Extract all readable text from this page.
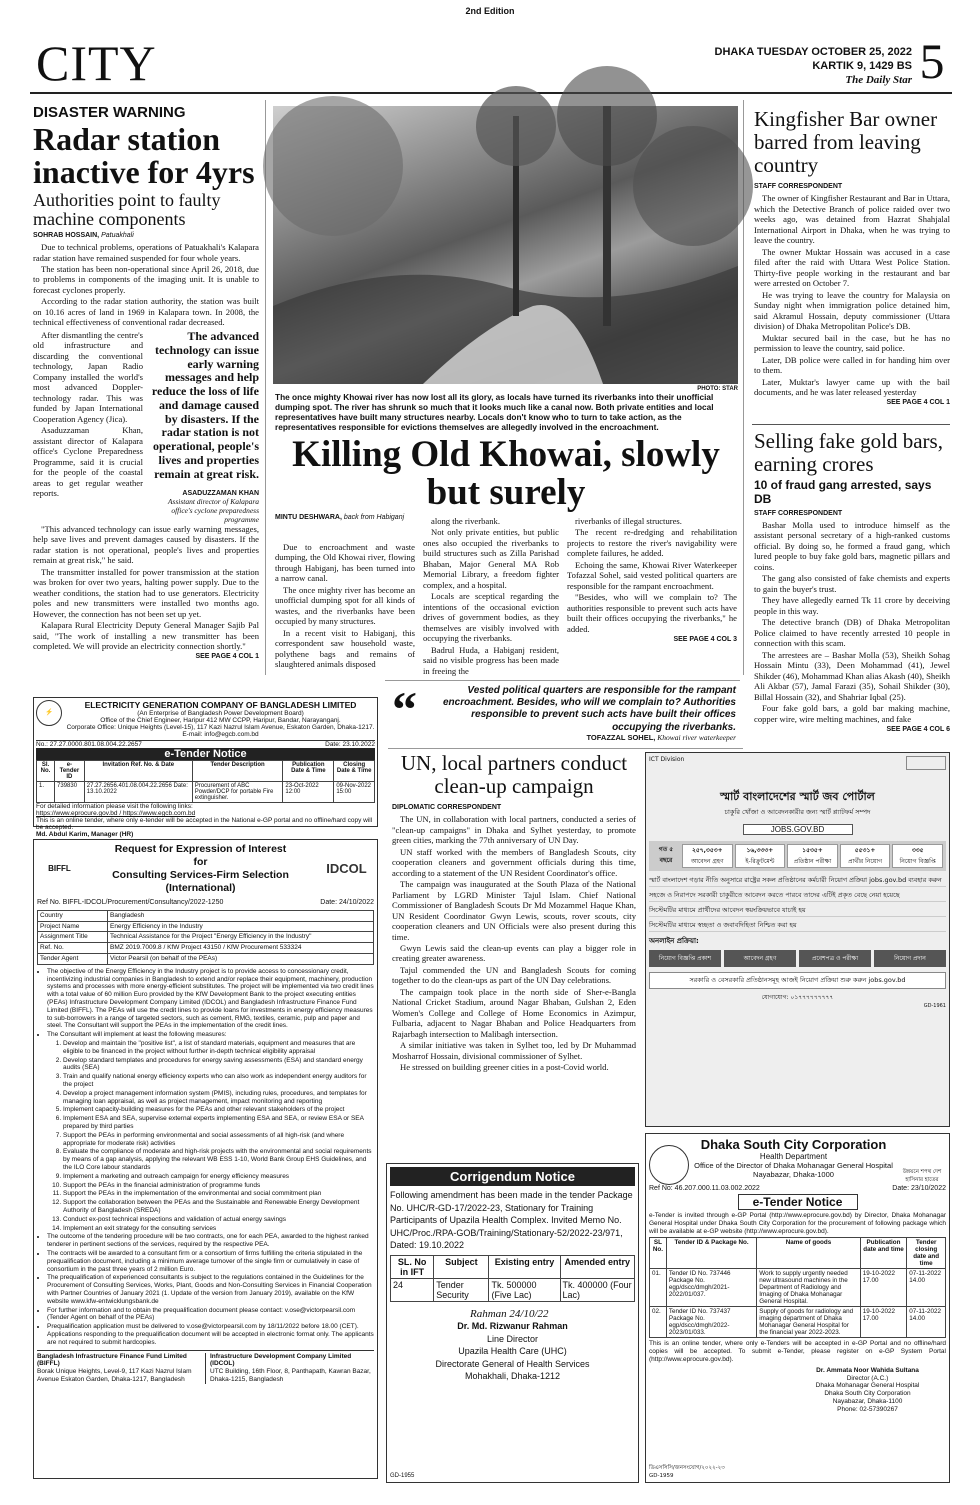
2nd Edition
CITY	DHAKA TUESDAY OCTOBER 25, 2022
KARTIK 9, 1429 BS
The Daily Star 5
DISASTER WARNING
Radar station inactive for 4yrs
Authorities point to faulty machine components
SOHRAB HOSSAIN, Patuakhali

Due to technical problems, operations of Patuakhali's Kalapara radar station have remained suspended for four whole years.

The station has been non-operational since April 26, 2018, due to problems in components of the imaging unit. It is unable to forecast cyclones properly.

According to the radar station authority, the station was built on 10.16 acres of land in 1969 in Kalapara town. In 2008, the technical effectiveness of conventional radar decreased.

After dismantling the centre's old infrastructure and discarding the conventional technology, Japan Radio Company installed the world's most advanced Doppler-technology radar. This was funded by Japan International Cooperation Agency (Jica).

Asaduzzaman Khan, assistant director of Kalapara office's Cyclone Preparedness Programme, said it is crucial for the people of the coastal areas to get regular weather reports.

The advanced technology can issue early warning messages and help reduce the loss of life and damage caused by disasters. If the radar station is not operational, people's lives and properties remain at great risk.
ASADUZZAMAN KHAN
Assistant director of Kalapara office's cyclone preparedness programme

"This advanced technology can issue early warning messages, help save lives and prevent damages caused by disasters. If the radar station is not operational, people's lives and properties remain at great risk," he said.

The transmitter installed for power transmission at the station was broken for over two years, halting power supply. Due to the weather conditions, the station had to use generators. Electricity poles and new transmitters were installed two months ago. However, the connection has not been set up yet.

Kalapara Rural Electricity Deputy General Manager Sajib Pal said, "The work of installing a new transmitter has been completed. We will provide an electricity connection shortly."

SEE PAGE 4 COL 1
PHOTO: STAR
The once mighty Khowai river has now lost all its glory, as locals have turned its riverbanks into their unofficial dumping spot. The river has shrunk so much that it looks much like a canal now. Both private entities and local representatives have built many structures nearby. Locals don't know who to turn to take action, as the representatives responsible for evictions themselves are allegedly involved in the encroachment.
Killing Old Khowai, slowly but surely
MINTU DESHWARA, back from Habiganj

Due to encroachment and waste dumping, the Old Khowai river, flowing through Habiganj, has been turned into a narrow canal.

The once mighty river has become an unofficial dumping spot for all kinds of wastes, and the riverbanks have been occupied by many structures.

In a recent visit to Habiganj, this correspondent saw household waste, polythene bags and remains of slaughtered animals disposed

along the riverbank.

Not only private entities, but public ones also occupied the riverbanks to build structures such as Zilla Parishad Bhaban, Major General MA Rob Memorial Library, a freedom fighter complex, and a hospital.

Locals are sceptical regarding the intentions of the occasional eviction drives of government bodies, as they themselves are visibly involved with occupying the riverbanks.

Badrul Huda, a Habiganj resident, said no visible progress has been made in freeing the

riverbanks of illegal structures.

The recent re-dredging and rehabilitation projects to restore the river's navigability were complete failures, he added.

Echoing the same, Khowai River Waterkeeper Tofazzal Sohel, said vested political quarters are responsible for the rampant encroachment.

"Besides, who will we complain to? The authorities responsible to prevent such acts have built their offices occupying the riverbanks," he added.

SEE PAGE 4 COL 3
“	Vested political quarters are responsible for the rampant encroachment. Besides, who will we complain to? Authorities responsible to prevent such acts have built their offices occupying the riverbanks.
TOFAZZAL SOHEL, Khowai river waterkeeper
Kingfisher Bar owner barred from leaving country
STAFF CORRESPONDENT

The owner of Kingfisher Restaurant and Bar in Uttara, which the Detective Branch of police raided over two weeks ago, was detained from Hazrat Shahjalal International Airport in Dhaka, when he was trying to leave the country.

The owner Muktar Hossain was accused in a case filed after the raid with Uttara West Police Station. Thirty-five people working in the restaurant and bar were arrested on October 7.

He was trying to leave the country for Malaysia on Sunday night when immigration police detained him, said Akramul Hossain, deputy commissioner (Uttara division) of Dhaka Metropolitan Police's DB.

Muktar secured bail in the case, but he has no permission to leave the country, said police.

Later, DB police were called in for handing him over to them.

Later, Muktar's lawyer came up with the bail documents, and he was later released yesterday

SEE PAGE 4 COL 1
Selling fake gold bars, earning crores
10 of fraud gang arrested, says DB
STAFF CORRESPONDENT

Bashar Molla used to introduce himself as the assistant personal secretary of a high-ranked customs official. By doing so, he formed a fraud gang, which lured people to buy fake gold bars, magnetic pillars and coins.

The gang also consisted of fake chemists and experts to gain the buyer's trust.

They have allegedly earned Tk 11 crore by deceiving people in this way.

The detective branch (DB) of Dhaka Metropolitan Police claimed to have recently arrested 10 people in connection with this scam.

The arrestees are – Bashar Molla (53), Sheikh Sohag Hossain Mintu (33), Deen Mohammad (41), Jewel Shikder (46), Mohammad Khan alias Akash (40), Sheikh Ali Akbar (57), Jamal Farazi (35), Sohail Shikder (30), Billal Hossain (32), and Shahriar Iqbal (25).

Four fake gold bars, a gold bar making machine, copper wire, wire melting machines, and fake

SEE PAGE 4 COL 6
UN, local partners conduct clean-up campaign
DIPLOMATIC CORRESPONDENT

The UN, in collaboration with local partners, conducted a series of "clean-up campaigns" in Dhaka and Sylhet yesterday, to promote green cities, marking the 77th anniversary of UN Day.

UN staff worked with the members of Bangladesh Scouts, city cooperation cleaners and government officials during this time, according to a statement of the UN Resident Coordinator's office.

The campaign was inaugurated at the South Plaza of the National Parliament by LGRD Minister Tajul Islam. Chief National Commissioner of Bangladesh Scouts Dr Md Mozammel Haque Khan, UN Resident Coordinator Gwyn Lewis, scouts, rover scouts, city cooperation cleaners and UN Officials were also present during this time.

Gwyn Lewis said the clean-up events can play a bigger role in creating greater awareness.

Tajul commended the UN and Bangladesh Scouts for coming together to do the clean-ups as part of the UN Day celebrations.

The campaign took place in the north side of Sher-e-Bangla National Cricket Stadium, around Nagar Bhaban, Gulshan 2, Eden Women's College and College of Home Economics in Azimpur, Fulbaria, adjacent to Nagar Bhaban and Police Headquarters from Rajarbagh intersection to Malibagh intersection.

A similar initiative was taken in Sylhet too, led by Dr Muhammad Mosharrof Hossain, divisional commissioner of Sylhet.

He stressed on building greener cities in a post-Covid world.

⚡
ELECTRICITY GENERATION COMPANY OF BANGLADESH LIMITED
(An Enterprise of Bangladesh Power Development Board)
Office of the Chief Engineer, Haripur 412 MW CCPP, Haripur, Bandar, Narayanganj.
Corporate Office: Unique Heights (Level-15), 117 Kazi Nazrul Islam Avenue, Eskaton Garden, Dhaka-1217. E-mail: info@egcb.com.bd
No.: 27.27.0000.801.08.004.22.2657	Date: 23.10.2022
e-Tender Notice
Sl. No.	e-Tender ID	Invitation Ref. No. & Date	Tender Description	Publication Date & Time	Closing Date & Time
1.	739830	27.27.2656.401.08.004.22.2656 Date: 13.10.2022	Procurement of ABC Powder/DCP for portable Fire extinguisher.	23-Oct-2022 12:00	09-Nov-2022 15:00
For detailed information please visit the following links:
https://www.eprocure.gov.bd / https://www.egcb.com.bd
This is an online tender, where only e-tender will be accepted in the National e-GP portal and no offline/hard copy will be accepted.
Md. Abdul Karim, Manager (HR)
BIFFL
Request for Expression of Interest
for
Consulting Services-Firm Selection (International)
IDCOL
Ref No. BIFFL-IDCOL/Procurement/Consultancy/2022-1250	Date: 24/10/2022
Country	Bangladesh
Project Name	Energy Efficiency in the Industry
Assignment Title	Technical Assistance for the Project "Energy Efficiency in the Industry"
Ref. No.	BMZ 2019.7009.8 / KfW Project 43150 / KfW Procurement 533324
Tender Agent	Victor Pearsil (on behalf of the PEAs)
• The objective of the Energy Efficiency in the Industry project is to provide access to concessionary credit, incentivizing industrial companies in Bangladesh to extend and/or replace their equipment, machinery, production systems and processes with more energy-efficient substitutes. The project will be implemented via two credit lines with a total value of 60 million Euro provided by the KfW Development Bank to the project executing entities (PEAs) Infrastructure Development Company Limited (IDCOL) and Bangladesh Infrastructure Finance Fund Limited (BIFFL). The PEAs will use the credit lines to provide loans for investments in energy efficiency measures to sub-borrowers in a range of targeted sectors, such as cement, RMG, textiles, ceramic, pulp and paper and steel. The Consultant will support the PEAs in the implementation of the credit lines.
• The Consultant will implement at least the following measures:
1. Develop and maintain the "positive list", a list of standard materials, equipment and measures that are eligible to be financed in the project without further in-depth technical eligibility appraisal
2. Develop standard templates and procedures for energy saving assessments (ESA) and standard energy audits (SEA)
3. Train and qualify national energy efficiency experts who can also work as independent energy auditors for the project
4. Develop a project management information system (PMIS), including rules, procedures, and templates for managing loan appraisal, as well as project management, impact monitoring and reporting
5. Implement capacity-building measures for the PEAs and other relevant stakeholders of the project
6. Implement ESA and SEA, supervise external experts implementing ESA and SEA, or review ESA or SEA prepared by third parties
7. Support the PEAs in performing environmental and social assessments of all high-risk (and where appropriate for moderate risk) activities
8. Evaluate the compliance of moderate and high-risk projects with the environmental and social requirements by means of a gap analysis, applying the relevant WB ESS 1-10, World Bank Group EHS Guidelines, and the ILO Core labour standards
9. Implement a marketing and outreach campaign for energy efficiency measures
10. Support the PEAs in the financial administration of programme funds
11. Support the PEAs in the implementation of the environmental and social commitment plan
12. Support the collaboration between the PEAs and the Sustainable and Renewable Energy Development Authority of Bangladesh (SREDA)
13. Conduct ex-post technical inspections and validation of actual energy savings
14. Implement an exit strategy for the consulting services
• The outcome of the tendering procedure will be two contracts, one for each PEA, awarded to the highest ranked tenderer in pertinent sections of the services, required by the respective PEA.
• The contracts will be awarded to a consultant firm or a consortium of firms fulfilling the criteria stipulated in the prequalification document, including a minimum average turnover of the single firm or cumulatively in case of consortium in the past three years of 2 million Euro.
• The prequalification of experienced consultants is subject to the regulations contained in the Guidelines for the Procurement of Consulting Services, Works, Plant, Goods and Non-Consulting Services in Financial Cooperation with Partner Countries of January 2021 (1. Update of the version from January 2019), available on the KfW website www.kfw-entwicklungsbank.de
• For further information and to obtain the prequalification document please contact: v.ose@victorpearsil.com (Tender Agent on behalf of the PEAs)
• Prequalification application must be delivered to v.ose@victorpearsil.com by 18/11/2022 before 18.00 (CET). Applications responding to the prequalification document will be accepted in electronic format only. The applicants are not required to submit hardcopies.
Bangladesh Infrastructure Finance Fund Limited (BIFFL)
Borak Unique Heights, Level-9, 117 Kazi Nazrul Islam Avenue Eskaton Garden, Dhaka-1217, Bangladesh
Infrastructure Development Company Limited (IDCOL)
UTC Building, 16th Floor, 8, Panthapath, Kawran Bazar, Dhaka-1215, Bangladesh
Corrigendum Notice
Following amendment has been made in the tender Package No. UHC/R-GD-17/2022-23, Stationary for Training Participants of Upazila Health Complex. Invited Memo No. UHC/Proc./RPA-GOB/Training/Stationary-52/2022-23/971, Dated: 19.10.2022
SL. No in IFT	Subject	Existing entry	Amended entry
24	Tender Security	Tk. 500000 (Five Lac)	Tk. 400000 (Four Lac)
Rahman 24/10/22
Dr. Md. Rizwanur Rahman
Line Director
Upazila Health Care (UHC)
Directorate General of Health Services
Mohakhali, Dhaka-1212
GD-1955
ICT Division
স্মার্ট বাংলাদেশের স্মার্ট জব পোর্টাল
চাকুরি খোঁজা ও আবেদনকারীর জন্য স্মার্ট প্ল্যাটফর্ম সম্পদ
JOBS.GOV.BD
গত ৫ বছরে
২৫৭,৩৫৩+
আবেদন গ্রহণ
১৬,৩৩৩+
ই-রিক্রুটমেন্ট
১৫৩৫+
প্রতিষ্ঠান পরীক্ষা
৫৫৩১+
প্রার্থীর নিয়োগ
৩৩৫
নিয়োগ বিজ্ঞপ্তি
স্মার্ট বাংলাদেশ গড়ার নীতি অনুসারে রাষ্ট্রের সকল প্রতিষ্ঠানের কর্মচারী নিয়োগ প্রক্রিয়া jobs.gov.bd ব্যবহার করুন
সহজে ও নিরাপদে সরকারী চাকুরীতে আবেদন করতে পারবে তাদের এটিই প্রকৃত বেছে নেয়া হয়েছে
সিস্টেমটির মাধ্যমে প্রার্থীদের আবেদন স্বয়ংক্রিয়ভাবে যাচাই হয়
সিস্টেমটির মাধ্যমে স্বচ্ছতা ও জবাবদিহিতা নিশ্চিত করা হয়
অনলাইন প্রক্রিয়া:
নিয়োগ বিজ্ঞপ্তি প্রকাশ	আবেদন গ্রহণ	প্রবেশপত্র ও পরীক্ষা	নিয়োগ প্রদান
সরকারি ও বেসরকারি প্রতিষ্ঠানসমূহ আজই নিয়োগ প্রক্রিয়া শুরু করুন jobs.gov.bd
যোগাযোগ: ০১৭৭৭৭৭৭৭৭৭
GD-1961
Dhaka South City Corporation
Health Department
Office of the Director of Dhaka Mohanagar General Hospital
Nayabazar, Dhaka-1000	উন্নয়নে শপথ দেশ হাসিনার হাতের
Ref No: 46.207.000.11.03.002.2022	Date: 23/10/2022
e-Tender Notice
e-Tender is invited through e-GP Portal (http://www.eprocure.gov.bd) by Director, Dhaka Mohanagar General Hospital under Dhaka South City Corporation for the procurement of following package which will be available at e-GP website (http://www.eprocure.gov.bd).
SL No.	Tender ID & Package No.	Name of goods	Publication date and time	Tender closing date and time
01.	Tender ID No. 737446 Package No. egp/dscc/dmgh/2021-2022/01/037.	Work to supply urgently needed new ultrasound machines in the Department of Radiology and Imaging of Dhaka Mohanagar General Hospital.	19-10-2022 17.00	07-11-2022 14.00
02.	Tender ID No. 737437 Package No. egp/dscc/dmgh/2022-2023/01/033.	Supply of goods for radiology and imaging department of Dhaka Mohanagar General Hospital for the financial year 2022-2023.	19-10-2022 17.00	07-11-2022 14.00
This is an online tender, where only e-Tenders will be accepted in e-GP Portal and no offline/hard copies will be accepted. To submit e-Tender, please register on e-GP System Portal (http://www.eprocure.gov.bd).
Dr. Ammata Noor Wahida Sultana
Director (A.C.)
Dhaka Mohanagar General Hospital
Dhaka South City Corporation
Nayabazar, Dhaka-1100
Phone: 02-57390267
ডিএসসিসি/জনসংযোগ/২০২২-২৩
GD-1959
